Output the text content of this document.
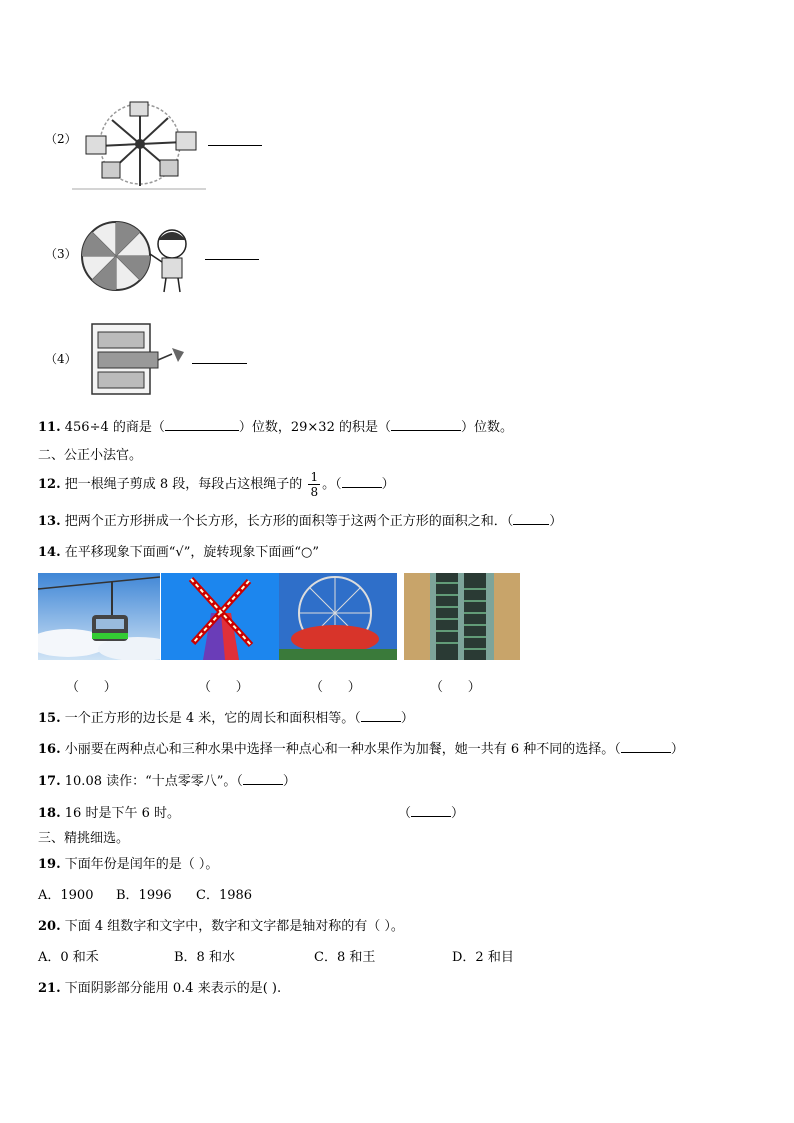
（2）
（3）
（4）
11. 456÷4 的商是（	）位数，29×32 的积是（	）位数。
二、公正小法官。
12. 把一根绳子剪成 8 段，每段占这根绳子的 $\frac{1}{8}$ 。（	）
13. 把两个正方形拼成一个长方形，长方形的面积等于这两个正方形的面积之和．（	）
14. 在平移现象下面画“√”，旋转现象下面画“○”
（      ）	（      ）	（      ）	（      ）
15. 一个正方形的边长是 4 米，它的周长和面积相等。（	）
16. 小丽要在两种点心和三种水果中选择一种点心和一种水果作为加餐，她一共有 6 种不同的选择。（	）
17. 10.08 读作：“十点零零八”。（	）
18. 16 时是下午 6 时。	（	）
三、精挑细选。
19. 下面年份是闰年的是（ ）。
A．1900 B．1996 C．1986
20. 下面 4 组数字和文字中，数字和文字都是轴对称的有（ ）。
A．0 和禾	B．8 和水	C．8 和王	D．2 和目
21. 下面阴影部分能用 0.4 来表示的是( ).
